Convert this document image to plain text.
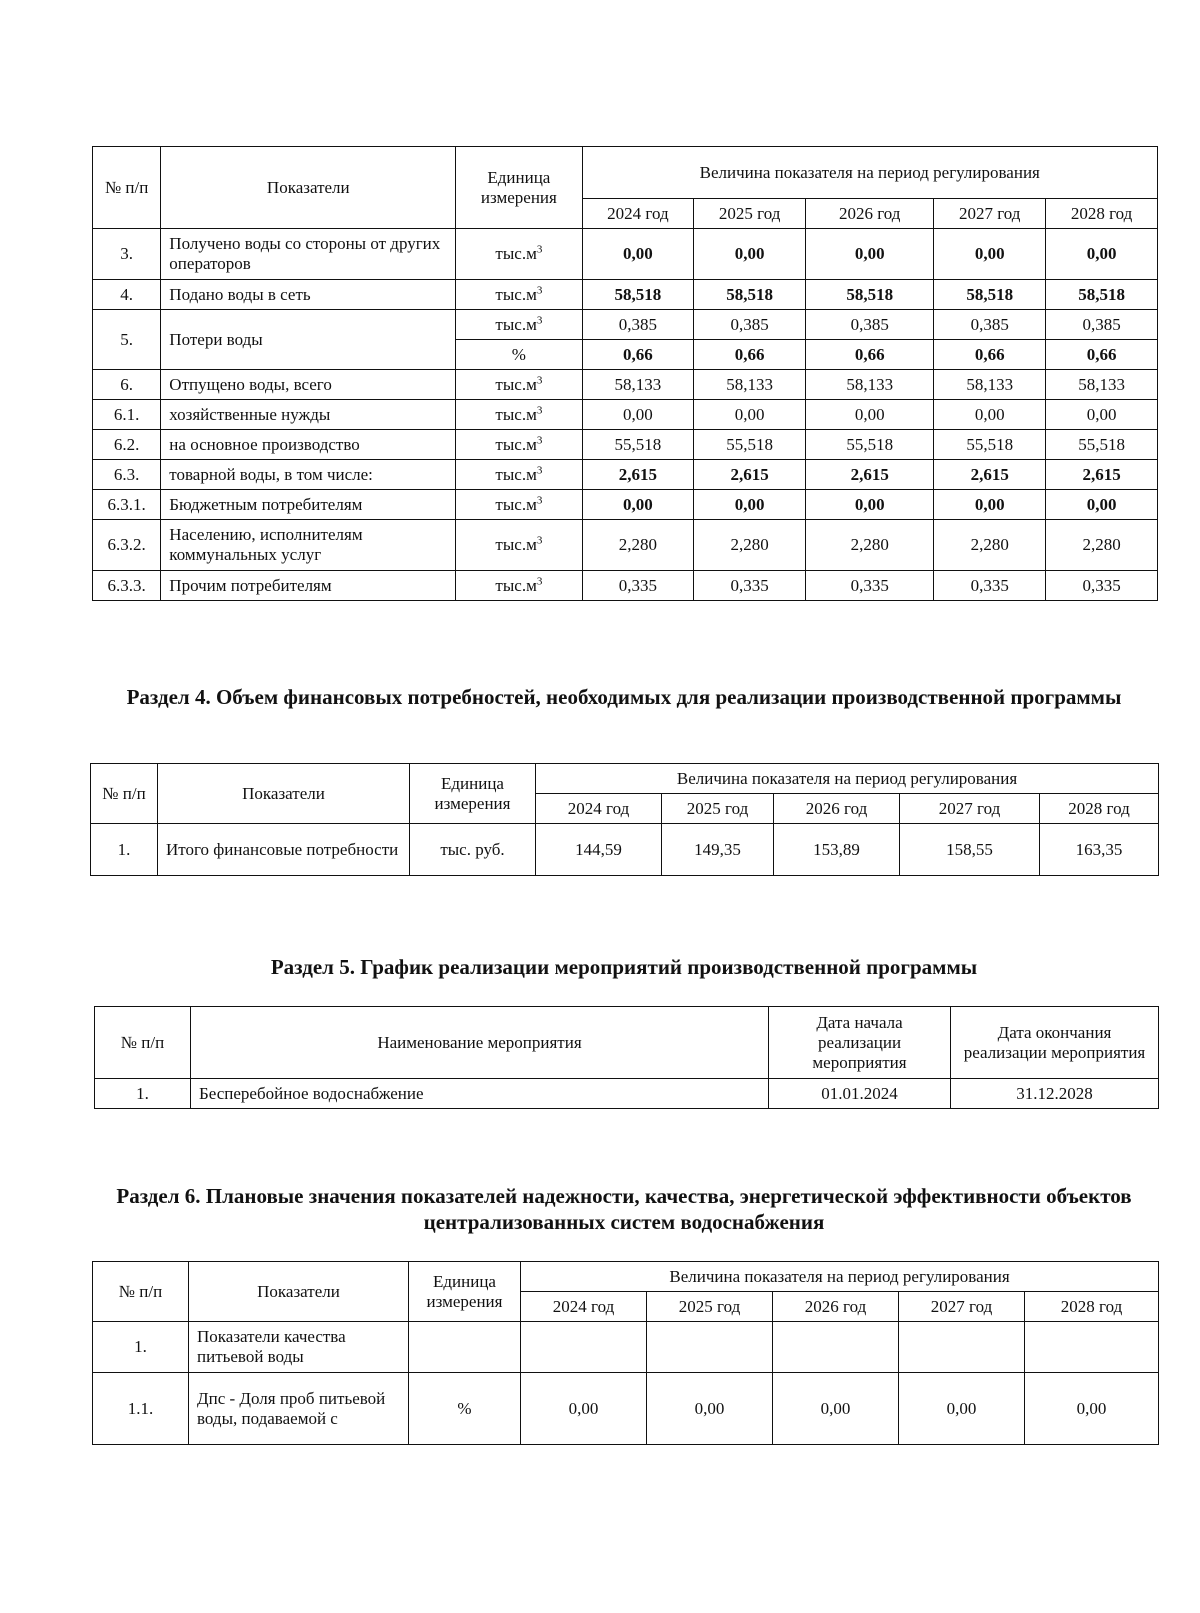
№ п/п	Показатели	Единица измерения	Величина показателя на период регулирования				
			2024 год	2025 год	2026 год	2027 год	2028 год
3.	Получено воды со стороны от других операторов	$тыс.м^3$	0,00	0,00	0,00	0,00	0,00
4.	Подано воды в сеть	$тыс.м^3$	58,518	58,518	58,518	58,518	58,518
5.	Потери воды	$тыс.м^3$	0,385	0,385	0,385	0,385	0,385
		%	0,66	0,66	0,66	0,66	0,66
6.	Отпущено воды, всего	$тыс.м^3$	58,133	58,133	58,133	58,133	58,133
6.1.	хозяйственные нужды	$тыс.м^3$	0,00	0,00	0,00	0,00	0,00
6.2.	на основное производство	$тыс.м^3$	55,518	55,518	55,518	55,518	55,518
6.3.	товарной воды, в том числе:	$тыс.м^3$	2,615	2,615	2,615	2,615	2,615
6.3.1.	Бюджетным потребителям	$тыс.м^3$	0,00	0,00	0,00	0,00	0,00
6.3.2.	Населению, исполнителям коммунальных услуг	$тыс.м^3$	2,280	2,280	2,280	2,280	2,280
6.3.3.	Прочим потребителям	$тыс.м^3$	0,335	0,335	0,335	0,335	0,335
Раздел 4. Объем финансовых потребностей, необходимых для реализации производственной программы
№ п/п	Показатели	Единица измерения	Величина показателя на период регулирования				
			2024 год	2025 год	2026 год	2027 год	2028 год
1.	Итого финансовые потребности	тыс. руб.	144,59	149,35	153,89	158,55	163,35
Раздел 5. График реализации мероприятий производственной программы
№ п/п	Наименование мероприятия	Дата начала реализации мероприятия	Дата окончания реализации мероприятия
1.	Бесперебойное водоснабжение	01.01.2024	31.12.2028
Раздел 6. Плановые значения показателей надежности, качества, энергетической эффективности объектов централизованных систем водоснабжения
№ п/п	Показатели	Единица измерения	Величина показателя на период регулирования				
			2024 год	2025 год	2026 год	2027 год	2028 год
1.	Показатели качества питьевой воды						
1.1.	Дпс - Доля проб питьевой воды, подаваемой с	%	0,00	0,00	0,00	0,00	0,00
